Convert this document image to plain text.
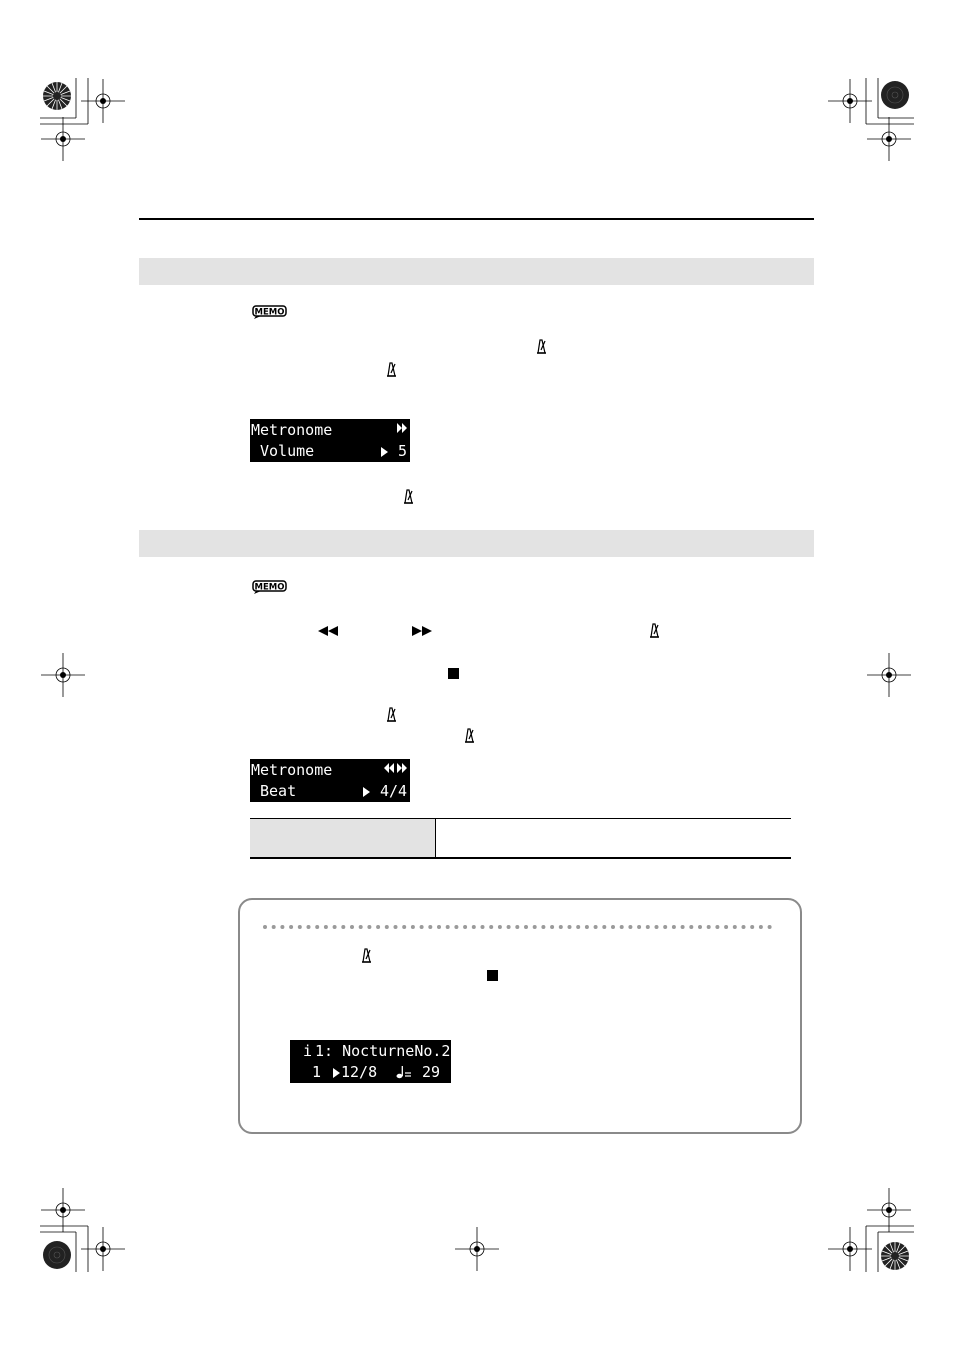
MEMO

Metronome

Volume

	5

MEMO

Metronome

Beat

	4/4

i

1: NocturneNo.2

1

12/8

	29
